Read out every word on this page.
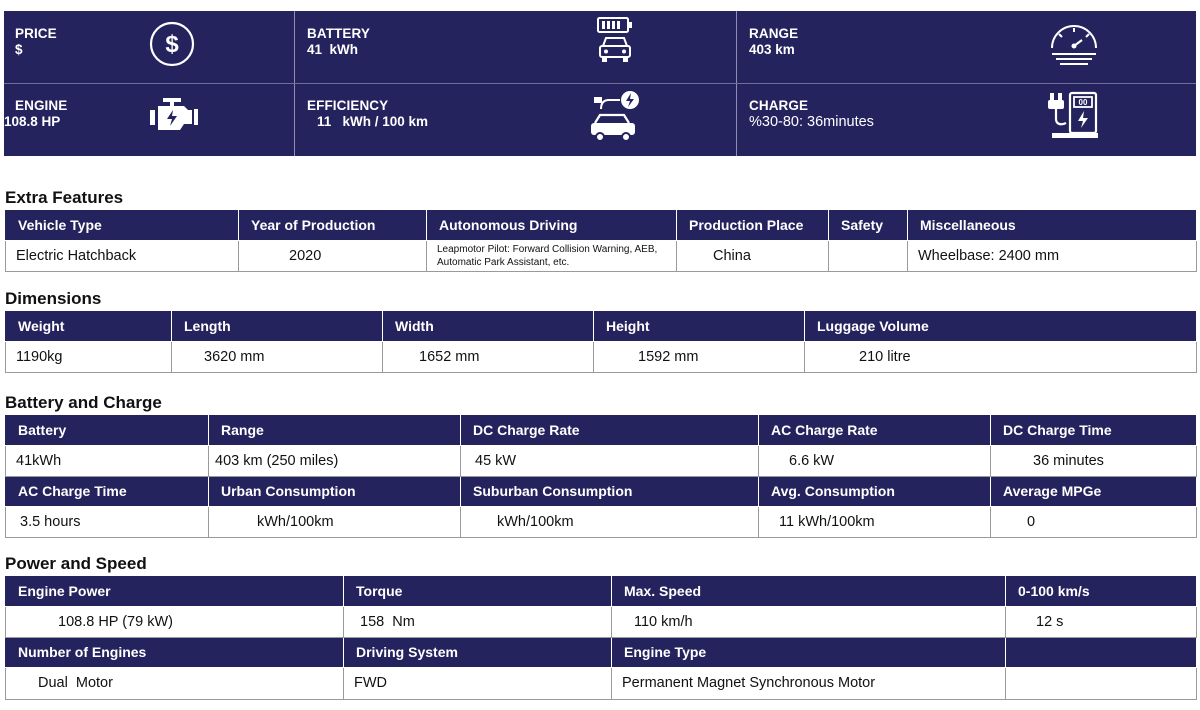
PRICE
$	$	BATTERY
41  kWh
RANGE
403 km
ENGINE
108.8 HP
EFFICIENCY
11   kWh / 100 km
CHARGE
%30-80: 36minutes
00
Extra Features
Vehicle Type	Year of Production	Autonomous Driving	Production Place	Safety	Miscellaneous
Electric Hatchback	2020	Leapmotor Pilot: Forward Collision Warning, AEB, Automatic Park Assistant, etc.	China		Wheelbase: 2400 mm
Dimensions
Weight	Length	Width	Height	Luggage Volume
1190kg	3620 mm	1652 mm	1592 mm	210 litre
Battery and Charge
Battery	Range	DC Charge Rate	AC Charge Rate	DC Charge Time
41kWh	403 km (250 miles)	45 kW	6.6 kW	36 minutes
AC Charge Time	Urban Consumption	Suburban Consumption	Avg. Consumption	Average MPGe
3.5 hours	kWh/100km	kWh/100km	11 kWh/100km	0
Power and Speed
Engine Power	Torque	Max. Speed	0-100 km/s
108.8 HP (79 kW)	158  Nm	110 km/h	12 s
Number of Engines	Driving System	Engine Type	
Dual  Motor	FWD	Permanent Magnet Synchronous Motor	
